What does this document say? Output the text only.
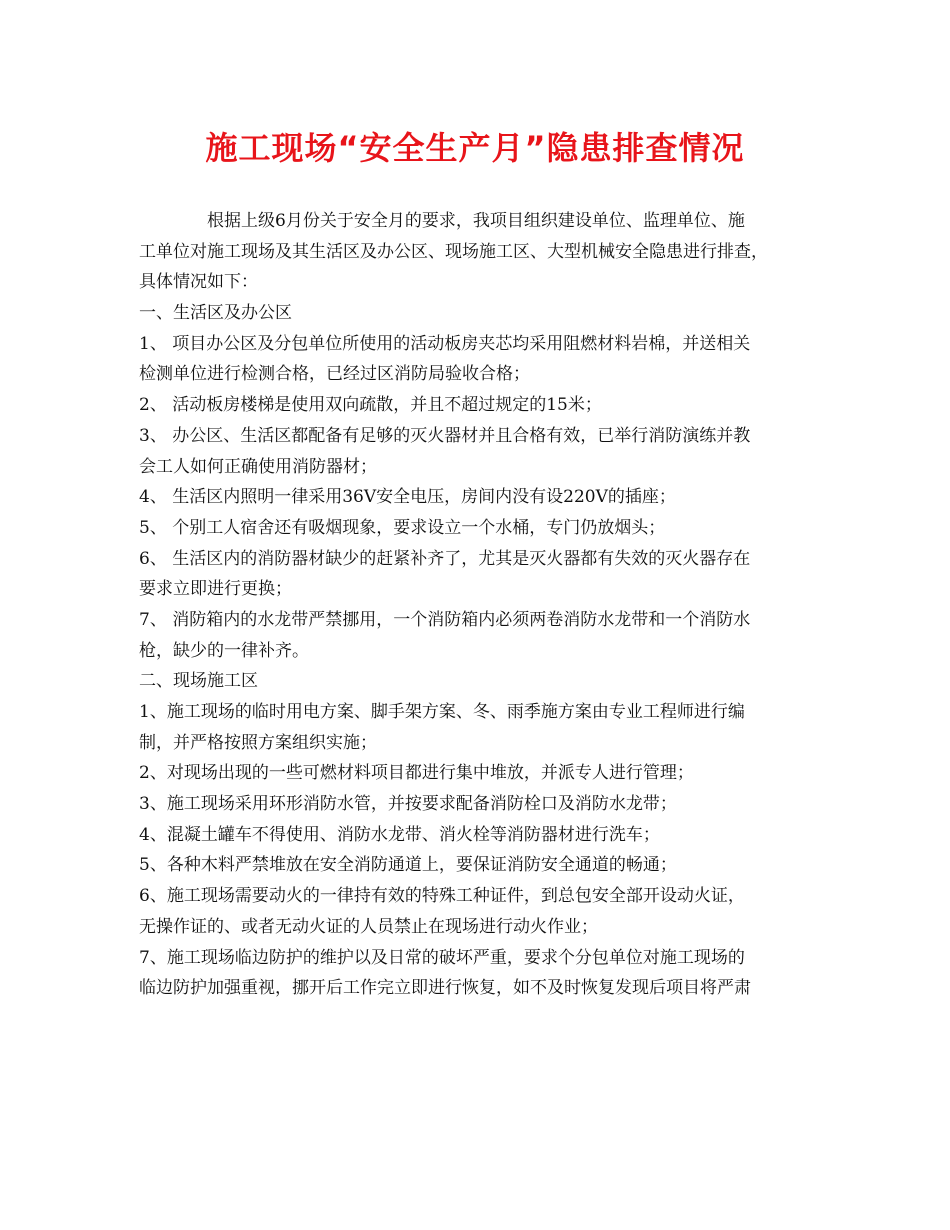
施工现场“安全生产月”隐患排查情况
根据上级6月份关于安全月的要求，我项目组织建设单位、监理单位、施
工单位对施工现场及其生活区及办公区、现场施工区、大型机械安全隐患进行排查，
具体情况如下：
一、生活区及办公区
1、 项目办公区及分包单位所使用的活动板房夹芯均采用阻燃材料岩棉，并送相关
检测单位进行检测合格，已经过区消防局验收合格；
2、 活动板房楼梯是使用双向疏散，并且不超过规定的15米；
3、 办公区、生活区都配备有足够的灭火器材并且合格有效，已举行消防演练并教
会工人如何正确使用消防器材；
4、 生活区内照明一律采用36V安全电压，房间内没有设220V的插座；
5、 个别工人宿舍还有吸烟现象，要求设立一个水桶，专门仍放烟头；
6、 生活区内的消防器材缺少的赶紧补齐了，尤其是灭火器都有失效的灭火器存在
要求立即进行更换；
7、 消防箱内的水龙带严禁挪用，一个消防箱内必须两卷消防水龙带和一个消防水
枪，缺少的一律补齐。
二、现场施工区
1、施工现场的临时用电方案、脚手架方案、冬、雨季施方案由专业工程师进行编
制，并严格按照方案组织实施；
2、对现场出现的一些可燃材料项目都进行集中堆放，并派专人进行管理；
3、施工现场采用环形消防水管，并按要求配备消防栓口及消防水龙带；
4、混凝土罐车不得使用、消防水龙带、消火栓等消防器材进行洗车；
5、各种木料严禁堆放在安全消防通道上，要保证消防安全通道的畅通；
6、施工现场需要动火的一律持有效的特殊工种证件，到总包安全部开设动火证，
无操作证的、或者无动火证的人员禁止在现场进行动火作业；
7、施工现场临边防护的维护以及日常的破坏严重，要求个分包单位对施工现场的
临边防护加强重视，挪开后工作完立即进行恢复，如不及时恢复发现后项目将严肃
